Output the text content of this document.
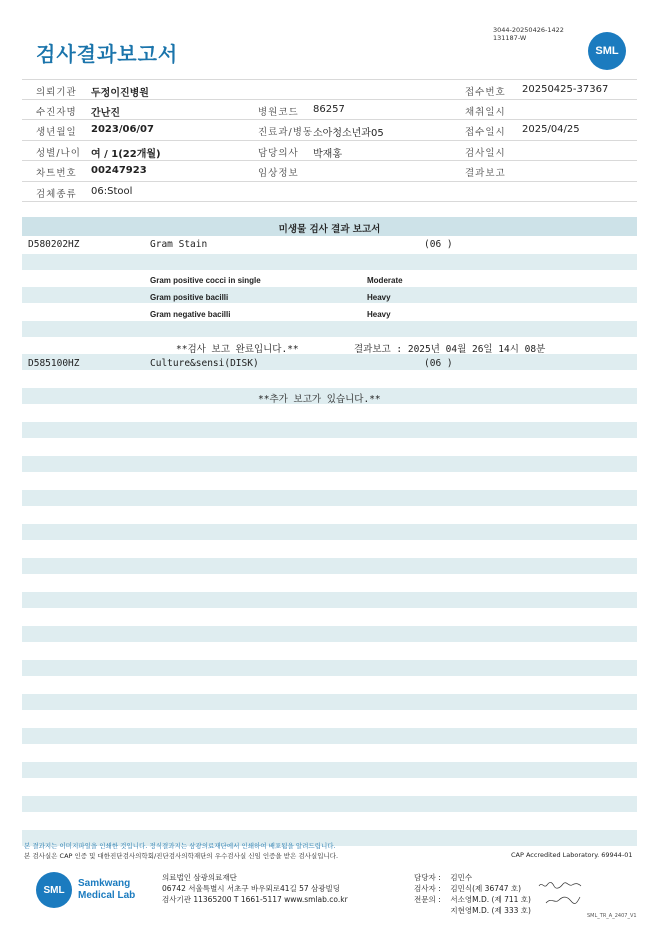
검사결과보고서
3044-20250426-1422
131187-W
SML
의뢰기관 두정이진병원	접수번호 20250425-37367
수진자명 간난진	병원코드 86257	채취일시
생년월일 2023/06/07	진료과/병동 소아청소년과05	접수일시 2025/04/25
성별/나이 여 / 1(22개월)	담당의사 박재홍	검사일시
차트번호 00247923	임상정보	결과보고
검체종류 06:Stool
미생물 검사 결과 보고서
D580202HZ	Gram Stain	(06 )
Gram positive cocci in single	Moderate
Gram positive bacilli	Heavy
Gram negative bacilli	Heavy
**검사 보고 완료입니다.**	결과보고 : 2025년 04월 26일 14시 08분
D585100HZ	Culture&sensi(DISK)	(06 )
**추가 보고가 있습니다.**
본 결과지는 이미지파일을 인쇄한 것입니다. 정식결과지는 삼광의료재단에서 인쇄하여 배포됨을 알려드립니다.
본 검사실은 CAP 인증 및 대한진단검사의학회/진단검사의학재단의 우수검사실 신임 인증을 받은 검사실입니다.	CAP Accredited Laboratory. 69944-01
SML
Samkwang
Medical Lab
의료법인 삼광의료재단
06742 서울특별시 서초구 바우뫼로41길 57 삼광빌딩
검사기관 11365200 T 1661-5117 www.smlab.co.kr
담당자 : 김민수
검사자 : 김민식(제 36747 호)
전문의 : 서소영M.D. (제 711 호)
지현영M.D. (제 333 호)
SML_TR_A_2407_V1
